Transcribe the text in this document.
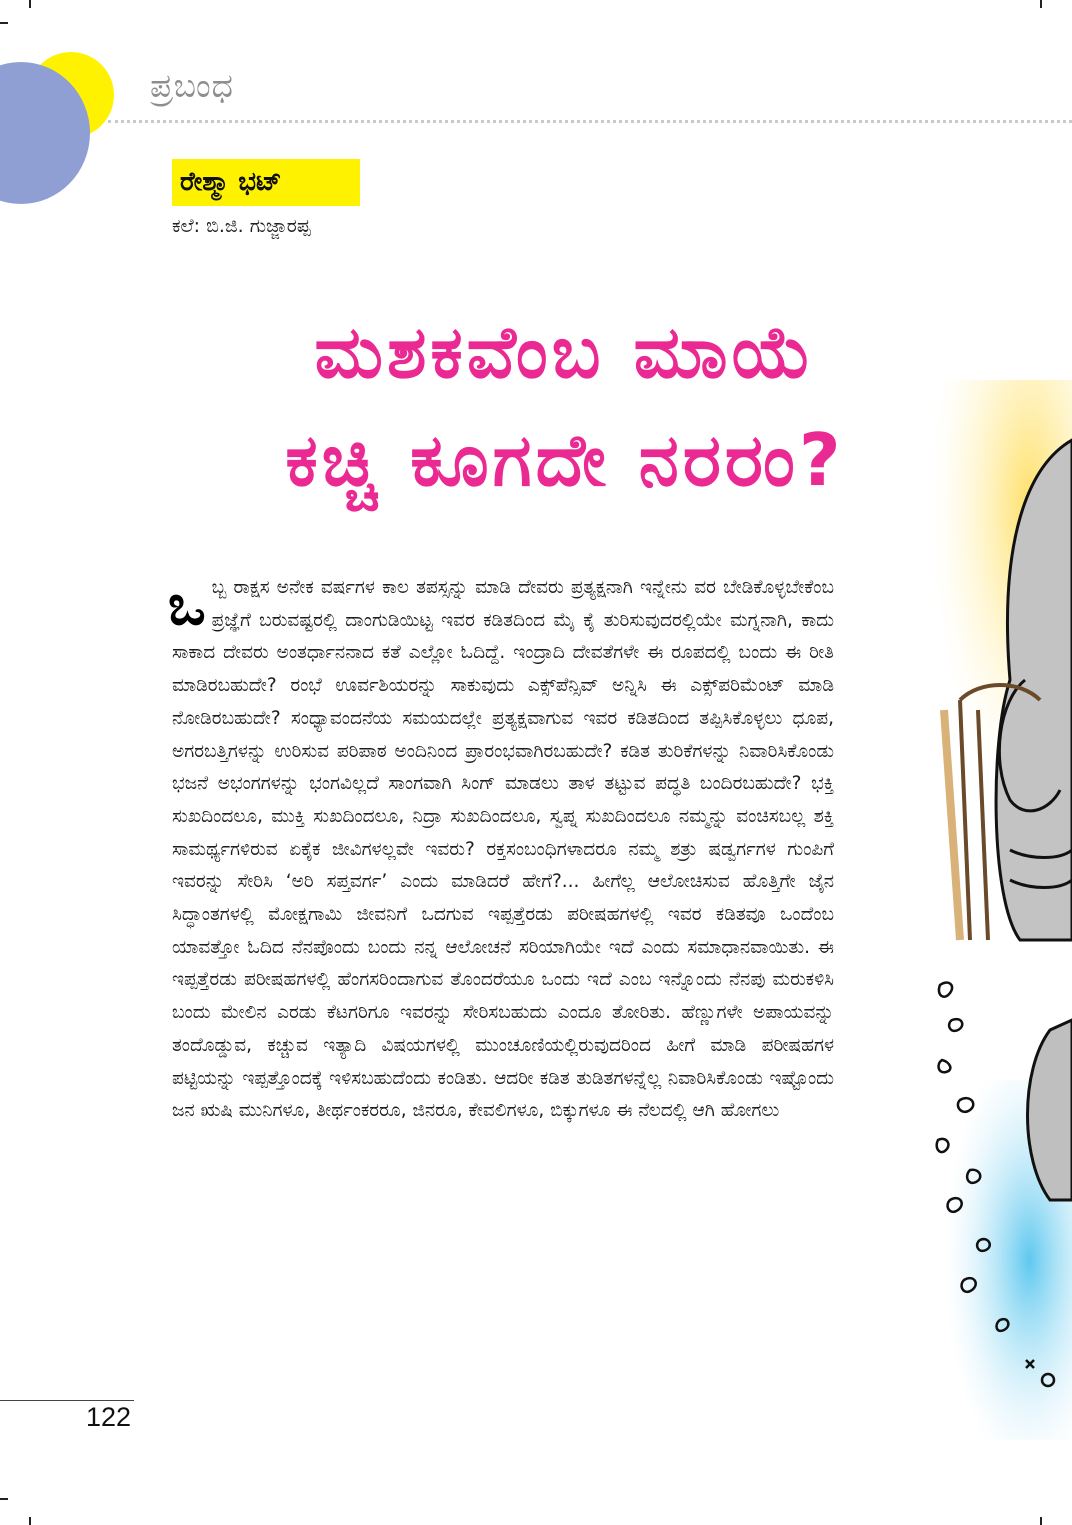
ಪ್ರಬಂಧ
ರೇಶ್ಮಾ ಭಟ್
ಕಲೆ: ಬಿ.ಜಿ. ಗುಜ್ಜಾರಪ್ಪ
ಮಶಕವೆಂಬ ಮಾಯೆ
ಕಚ್ಚಿ ಕೂಗದೇ ನರರಂ?

ಒಬ್ಬ ರಾಕ್ಷಸ ಅನೇಕ ವರ್ಷಗಳ ಕಾಲ ತಪಸ್ಸನ್ನು ಮಾಡಿ ದೇವರು ಪ್ರತ್ಯಕ್ಷನಾಗಿ ಇನ್ನೇನು ವರ ಬೇಡಿಕೊಳ್ಳಬೇಕೆಂಬ ಪ್ರಜ್ಞೆಗೆ ಬರುವಷ್ಟರಲ್ಲಿ ದಾಂಗುಡಿಯಿಟ್ಟ ಇವರ ಕಡಿತದಿಂದ ಮೈ ಕೈ ತುರಿಸುವುದರಲ್ಲಿಯೇ ಮಗ್ನನಾಗಿ, ಕಾದು ಸಾಕಾದ ದೇವರು ಅಂತರ್ಧಾನನಾದ ಕತೆ ಎಲ್ಲೋ ಓದಿದ್ದೆ. ಇಂದ್ರಾದಿ ದೇವತೆಗಳೇ ಈ ರೂಪದಲ್ಲಿ ಬಂದು ಈ ರೀತಿ ಮಾಡಿರಬಹುದೇ? ರಂಭೆ ಊರ್ವಶಿಯರನ್ನು ಸಾಕುವುದು ಎಕ್ಸ್‌ಪೆನ್ಸಿವ್ ಅನ್ನಿಸಿ ಈ ಎಕ್ಸ್‌ಪರಿಮೆಂಟ್ ಮಾಡಿ ನೋಡಿರಬಹುದೇ? ಸಂಧ್ಯಾವಂದನೆಯ ಸಮಯದಲ್ಲೇ ಪ್ರತ್ಯಕ್ಷವಾಗುವ ಇವರ ಕಡಿತದಿಂದ ತಪ್ಪಿಸಿಕೊಳ್ಳಲು ಧೂಪ, ಅಗರಬತ್ತಿಗಳನ್ನು ಉರಿಸುವ ಪರಿಪಾಠ ಅಂದಿನಿಂದ ಪ್ರಾರಂಭವಾಗಿರಬಹುದೇ? ಕಡಿತ ತುರಿಕೆಗಳನ್ನು ನಿವಾರಿಸಿಕೊಂಡು ಭಜನೆ ಅಭಂಗಗಳನ್ನು ಭಂಗವಿಲ್ಲದೆ ಸಾಂಗವಾಗಿ ಸಿಂಗ್ ಮಾಡಲು ತಾಳ ತಟ್ಟುವ ಪದ್ಧತಿ ಬಂದಿರಬಹುದೇ? ಭಕ್ತಿ ಸುಖದಿಂದಲೂ, ಮುಕ್ತಿ ಸುಖದಿಂದಲೂ, ನಿದ್ರಾ ಸುಖದಿಂದಲೂ, ಸ್ವಪ್ನ ಸುಖದಿಂದಲೂ ನಮ್ಮನ್ನು ವಂಚಿಸಬಲ್ಲ ಶಕ್ತಿ ಸಾಮರ್ಥ್ಯಗಳಿರುವ ಏಕೈಕ ಜೀವಿಗಳಲ್ಲವೇ ಇವರು? ರಕ್ತಸಂಬಂಧಿಗಳಾದರೂ ನಮ್ಮ ಶತ್ರು ಷಡ್ವರ್ಗಗಳ ಗುಂಪಿಗೆ ಇವರನ್ನು ಸೇರಿಸಿ ‘ಅರಿ ಸಪ್ತವರ್ಗ’ ಎಂದು ಮಾಡಿದರೆ ಹೇಗೆ?... ಹೀಗೆಲ್ಲ ಆಲೋಚಿಸುವ ಹೊತ್ತಿಗೇ ಜೈನ ಸಿದ್ಧಾಂತಗಳಲ್ಲಿ ಮೋಕ್ಷಗಾಮಿ ಜೀವನಿಗೆ ಒದಗುವ ಇಪ್ಪತ್ತೆರಡು ಪರೀಷಹಗಳಲ್ಲಿ ಇವರ ಕಡಿತವೂ ಒಂದೆಂಬ ಯಾವತ್ತೋ ಓದಿದ ನೆನಪೊಂದು ಬಂದು ನನ್ನ ಆಲೋಚನೆ ಸರಿಯಾಗಿಯೇ ಇದೆ ಎಂದು ಸಮಾಧಾನವಾಯಿತು. ಈ ಇಪ್ಪತ್ತೆರಡು ಪರೀಷಹಗಳಲ್ಲಿ ಹೆಂಗಸರಿಂದಾಗುವ ತೊಂದರೆಯೂ ಒಂದು ಇದೆ ಎಂಬ ಇನ್ನೊಂದು ನೆನಪು ಮರುಕಳಿಸಿ ಬಂದು ಮೇಲಿನ ಎರಡು ಕೆಟಗರಿಗೂ ಇವರನ್ನು ಸೇರಿಸಬಹುದು ಎಂದೂ ತೋರಿತು. ಹೆಣ್ಣುಗಳೇ ಅಪಾಯವನ್ನು ತಂದೊಡ್ಡುವ, ಕಚ್ಚುವ ಇತ್ಯಾದಿ ವಿಷಯಗಳಲ್ಲಿ ಮುಂಚೂಣಿಯಲ್ಲಿರುವುದರಿಂದ ಹೀಗೆ ಮಾಡಿ ಪರೀಷಹಗಳ ಪಟ್ಟಿಯನ್ನು ಇಪ್ಪತ್ತೊಂದಕ್ಕೆ ಇಳಿಸಬಹುದೆಂದು ಕಂಡಿತು. ಆದರೀ ಕಡಿತ ತುಡಿತಗಳನ್ನೆಲ್ಲ ನಿವಾರಿಸಿಕೊಂಡು ಇಷ್ಟೊಂದು ಜನ ಋಷಿ ಮುನಿಗಳೂ, ತೀರ್ಥಂಕರರೂ, ಜಿನರೂ, ಕೇವಲಿಗಳೂ, ಬಿಕ್ಕುಗಳೂ ಈ ನೆಲದಲ್ಲಿ ಆಗಿ ಹೋಗಲು

122
